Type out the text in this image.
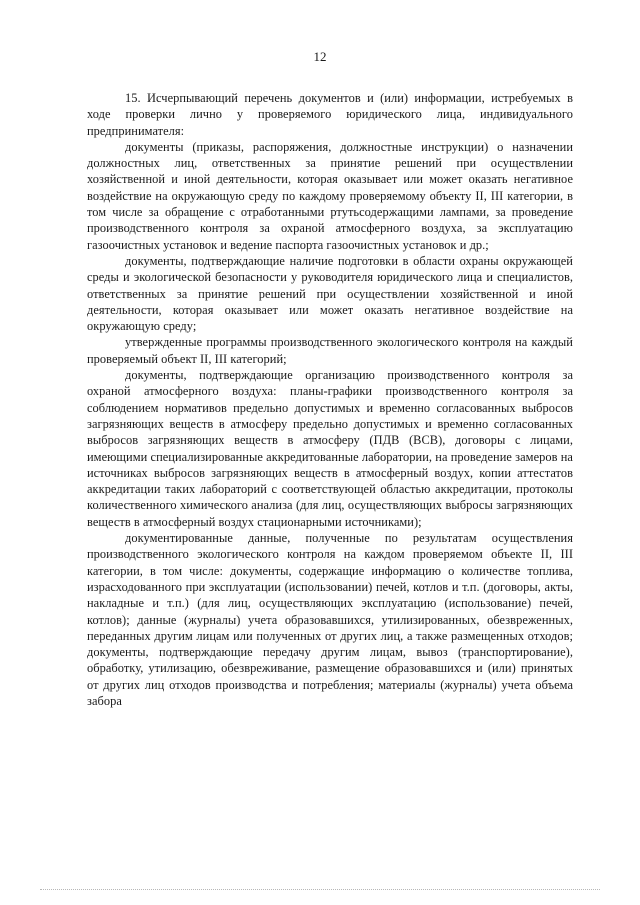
12

15. Исчерпывающий перечень документов и (или) информации, истребуемых в ходе проверки лично у проверяемого юридического лица, индивидуального предпринимателя:

документы (приказы, распоряжения, должностные инструкции) о назначении должностных лиц, ответственных за принятие решений при осуществлении хозяйственной и иной деятельности, которая оказывает или может оказать негативное воздействие на окружающую среду по каждому проверяемому объекту II, III категории, в том числе за обращение с отработанными ртутьсодержащими лампами, за проведение производственного контроля за охраной атмосферного воздуха, за эксплуатацию газоочистных установок и ведение паспорта газоочистных установок и др.;

документы, подтверждающие наличие подготовки в области охраны окружающей среды и экологической безопасности у руководителя юридического лица и специалистов, ответственных за принятие решений при осуществлении хозяйственной и иной деятельности, которая оказывает или может оказать негативное воздействие на окружающую среду;

утвержденные программы производственного экологического контроля на каждый проверяемый объект II, III категорий;

документы, подтверждающие организацию производственного контроля за охраной атмосферного воздуха: планы-графики производственного контроля за соблюдением нормативов предельно допустимых и временно согласованных выбросов загрязняющих веществ в атмосферу предельно допустимых и временно согласованных выбросов загрязняющих веществ в атмосферу (ПДВ (ВСВ), договоры с лицами, имеющими специализированные аккредитованные лаборатории, на проведение замеров на источниках выбросов загрязняющих веществ в атмосферный воздух, копии аттестатов аккредитации таких лабораторий с соответствующей областью аккредитации, протоколы количественного химического анализа (для лиц, осуществляющих выбросы загрязняющих веществ в атмосферный воздух стационарными источниками);

документированные данные, полученные по результатам осуществления производственного экологического контроля на каждом проверяемом объекте II, III категории, в том числе: документы, содержащие информацию о количестве топлива, израсходованного при эксплуатации (использовании) печей, котлов и т.п. (договоры, акты, накладные и т.п.) (для лиц, осуществляющих эксплуатацию (использование) печей, котлов); данные (журналы) учета образовавшихся, утилизированных, обезвреженных, переданных другим лицам или полученных от других лиц, а также размещенных отходов; документы, подтверждающие передачу другим лицам, вывоз (транспортирование), обработку, утилизацию, обезвреживание, размещение образовавшихся и (или) принятых от других лиц отходов производства и потребления; материалы (журналы) учета объема забора
